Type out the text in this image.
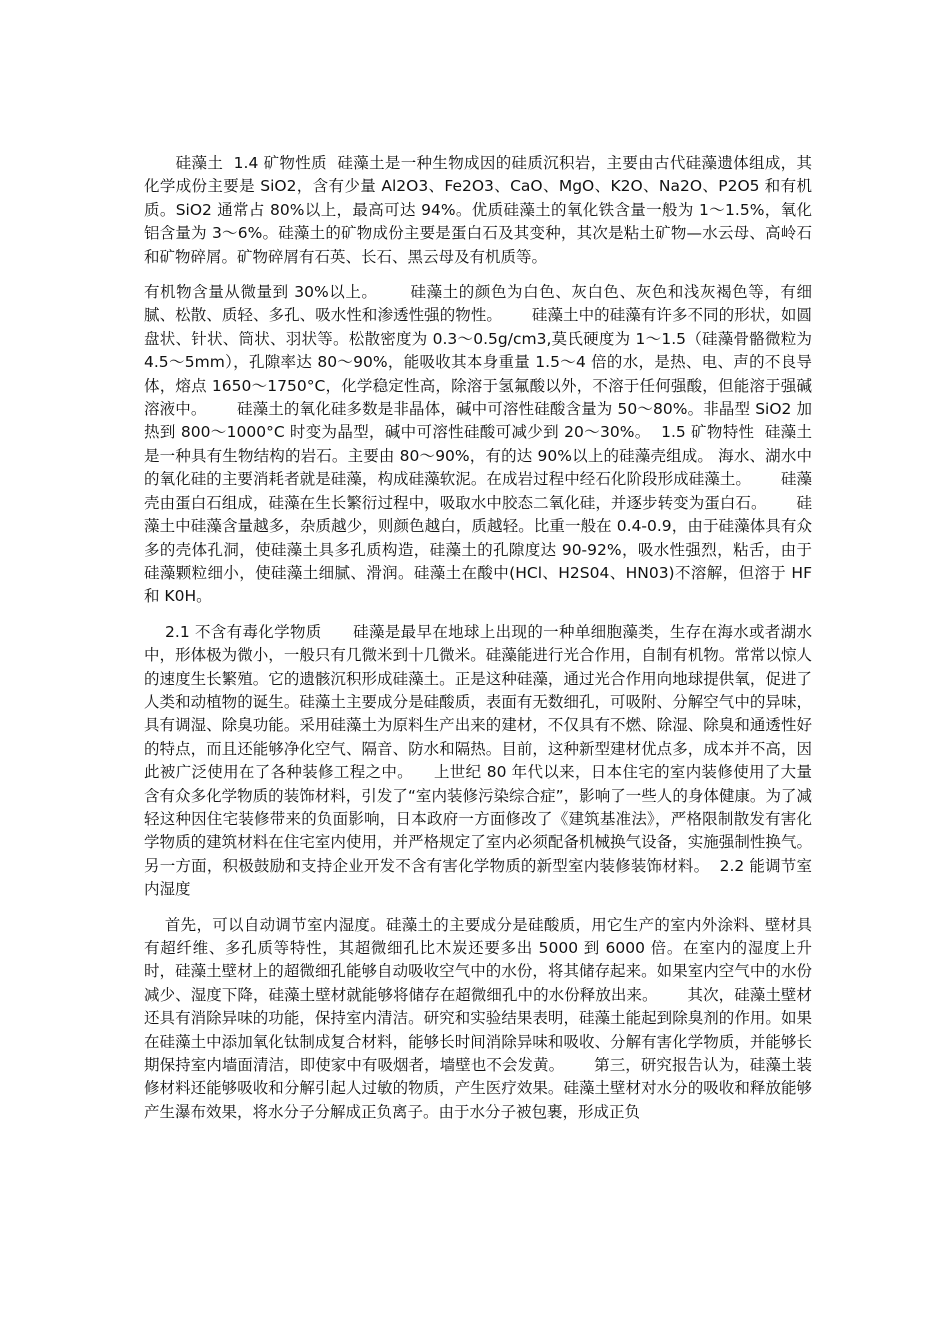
　　硅藻土  1.4 矿物性质  硅藻土是一种生物成因的硅质沉积岩，主要由古代硅藻遗体组成，其化学成份主要是 SiO2，含有少量 Al2O3、Fe2O3、CaO、MgO、K2O、Na2O、P2O5 和有机质。SiO2 通常占 80%以上，最高可达 94%。优质硅藻土的氧化铁含量一般为 1～1.5%，氧化铝含量为 3～6%。硅藻土的矿物成份主要是蛋白石及其变种，其次是粘土矿物—水云母、高岭石和矿物碎屑。矿物碎屑有石英、长石、黑云母及有机质等。

有机物含量从微量到 30%以上。      硅藻土的颜色为白色、灰白色、灰色和浅灰褐色等，有细腻、松散、质轻、多孔、吸水性和渗透性强的物性。      硅藻土中的硅藻有许多不同的形状，如圆盘状、针状、筒状、羽状等。松散密度为 0.3～0.5g/cm3,莫氏硬度为 1～1.5（硅藻骨骼微粒为 4.5～5mm），孔隙率达 80～90%，能吸收其本身重量 1.5～4 倍的水，是热、电、声的不良导体，熔点 1650～1750°C，化学稳定性高，除溶于氢氟酸以外，不溶于任何强酸，但能溶于强碱溶液中。      硅藻土的氧化硅多数是非晶体，碱中可溶性硅酸含量为 50～80%。非晶型 SiO2 加热到 800～1000°C 时变为晶型，碱中可溶性硅酸可减少到 20～30%。  1.5 矿物特性  硅藻土是一种具有生物结构的岩石。主要由 80～90%，有的达 90%以上的硅藻壳组成。 海水、湖水中的氧化硅的主要消耗者就是硅藻，构成硅藻软泥。在成岩过程中经石化阶段形成硅藻土。      硅藻壳由蛋白石组成，硅藻在生长繁衍过程中，吸取水中胶态二氧化硅，并逐步转变为蛋白石。      硅藻土中硅藻含量越多，杂质越少，则颜色越白，质越轻。比重一般在 0.4-0.9，由于硅藻体具有众多的壳体孔洞，使硅藻土具多孔质构造，硅藻土的孔隙度达 90-92%，吸水性强烈，粘舌，由于硅藻颗粒细小，使硅藻土细腻、滑润。硅藻土在酸中(HCl、H2S04、HN03)不溶解，但溶于 HF 和 K0H。

2.1 不含有毒化学物质      硅藻是最早在地球上出现的一种单细胞藻类，生存在海水或者湖水中，形体极为微小，一般只有几微米到十几微米。硅藻能进行光合作用，自制有机物。常常以惊人的速度生长繁殖。它的遗骸沉积形成硅藻土。正是这种硅藻，通过光合作用向地球提供氧，促进了人类和动植物的诞生。硅藻土主要成分是硅酸质，表面有无数细孔，可吸附、分解空气中的异味，具有调湿、除臭功能。采用硅藻土为原料生产出来的建材，不仅具有不燃、除湿、除臭和通透性好的特点，而且还能够净化空气、隔音、防水和隔热。目前，这种新型建材优点多，成本并不高，因此被广泛使用在了各种装修工程之中。    上世纪 80 年代以来，日本住宅的室内装修使用了大量含有众多化学物质的装饰材料，引发了“室内装修污染综合症”，影响了一些人的身体健康。为了减轻这种因住宅装修带来的负面影响，日本政府一方面修改了《建筑基准法》，严格限制散发有害化学物质的建筑材料在住宅室内使用，并严格规定了室内必须配备机械换气设备，实施强制性换气。另一方面，积极鼓励和支持企业开发不含有害化学物质的新型室内装修装饰材料。  2.2 能调节室内湿度

首先，可以自动调节室内湿度。硅藻土的主要成分是硅酸质，用它生产的室内外涂料、壁材具有超纤维、多孔质等特性，其超微细孔比木炭还要多出 5000 到 6000 倍。在室内的湿度上升时，硅藻土壁材上的超微细孔能够自动吸收空气中的水份，将其储存起来。如果室内空气中的水份减少、湿度下降，硅藻土壁材就能够将储存在超微细孔中的水份释放出来。      其次，硅藻土壁材还具有消除异味的功能，保持室内清洁。研究和实验结果表明，硅藻土能起到除臭剂的作用。如果在硅藻土中添加氧化钛制成复合材料，能够长时间消除异味和吸收、分解有害化学物质，并能够长期保持室内墙面清洁，即使家中有吸烟者，墙壁也不会发黄。      第三，研究报告认为，硅藻土装修材料还能够吸收和分解引起人过敏的物质，产生医疗效果。硅藻土壁材对水分的吸收和释放能够产生瀑布效果，将水分子分解成正负离子。由于水分子被包裹，形成正负
